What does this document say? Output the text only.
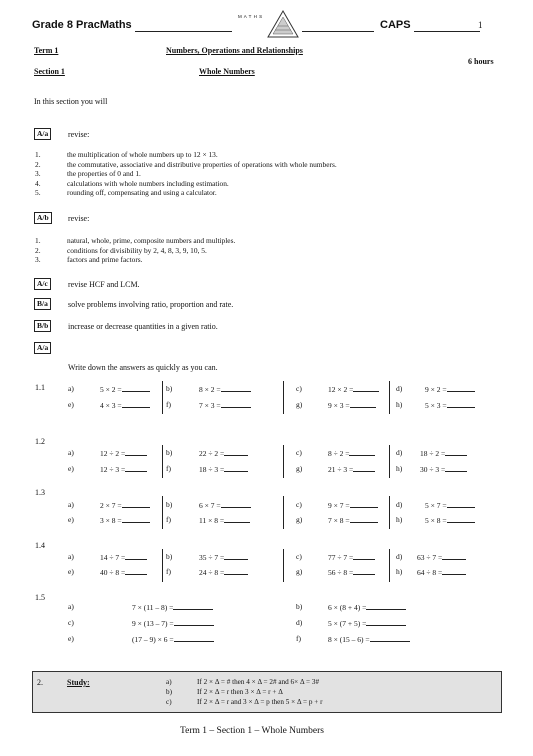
Grade 8 PracMaths
M A T H S
CAPS	1
Term 1	Numbers, Operations and Relationships
6 hours
Section 1	Whole Numbers
In this section you will
A/a	revise:
1.	the multiplication of whole numbers up to 12 × 13.
2.	the commutative, associative and distributive properties of operations with whole numbers.
3.	the properties of 0 and 1.
4.	calculations with whole numbers including estimation.
5.	rounding off, compensating and using a calculator.
A/b	revise:
1.	natural, whole, prime, composite numbers and multiples.
2.	conditions for divisibility by 2, 4, 8, 3, 9, 10, 5.
3.	factors and prime factors.
A/c	revise HCF and LCM.
B/a	solve problems involving ratio, proportion and rate.
B/b	increase or decrease quantities in a given ratio.
A/a
Write down the answers as quickly as you can.
1.1	a)	5 × 2 =	b)	8 × 2 =	c)	12 × 2 =	d)	9 × 2 =
e)	4 × 3 =	f)	7 × 3 =	g)	9 × 3 =	h)	5 × 3 =
1.2
a)	12 ÷ 2 =	b)	22 ÷ 2 =	c)	8 ÷ 2 =	d) 18 ÷ 2 =
e)	12 ÷ 3 =	f)	18 ÷ 3 =	g)	21 ÷ 3 =	h) 30 ÷ 3 =
1.3
a)	2 × 7 =	b)	6 × 7 =	c)	9 × 7 =	d)	5 × 7 =
e)	3 × 8 =	f)	11 × 8 =	g)	7 × 8 =	h)	5 × 8 =
1.4
a)	14 ÷ 7 =	b)	35 ÷ 7 =	c)	77 ÷ 7 =	d) 63 ÷ 7 =
e)	40 ÷ 8 =	f)	24 ÷ 8 =	g)	56 ÷ 8 =	h) 64 ÷ 8 =
1.5
a)	7 × (11 – 8) =	b)	6 × (8 + 4) =
c)	9 × (13 – 7) =	d)	5 × (7 + 5) =
e)	(17 – 9) × 6 =	f)	8 × (15 – 6) =
2.	Study:	a)	If 2 × Δ = # then 4 × Δ = 2# and 6× Δ = 3#
b)	If 2 × Δ = r then 3 × Δ = r + Δ
c)	If 2 × Δ = r and 3 × Δ = p then 5 × Δ = p + r
Term 1 – Section 1 – Whole Numbers
